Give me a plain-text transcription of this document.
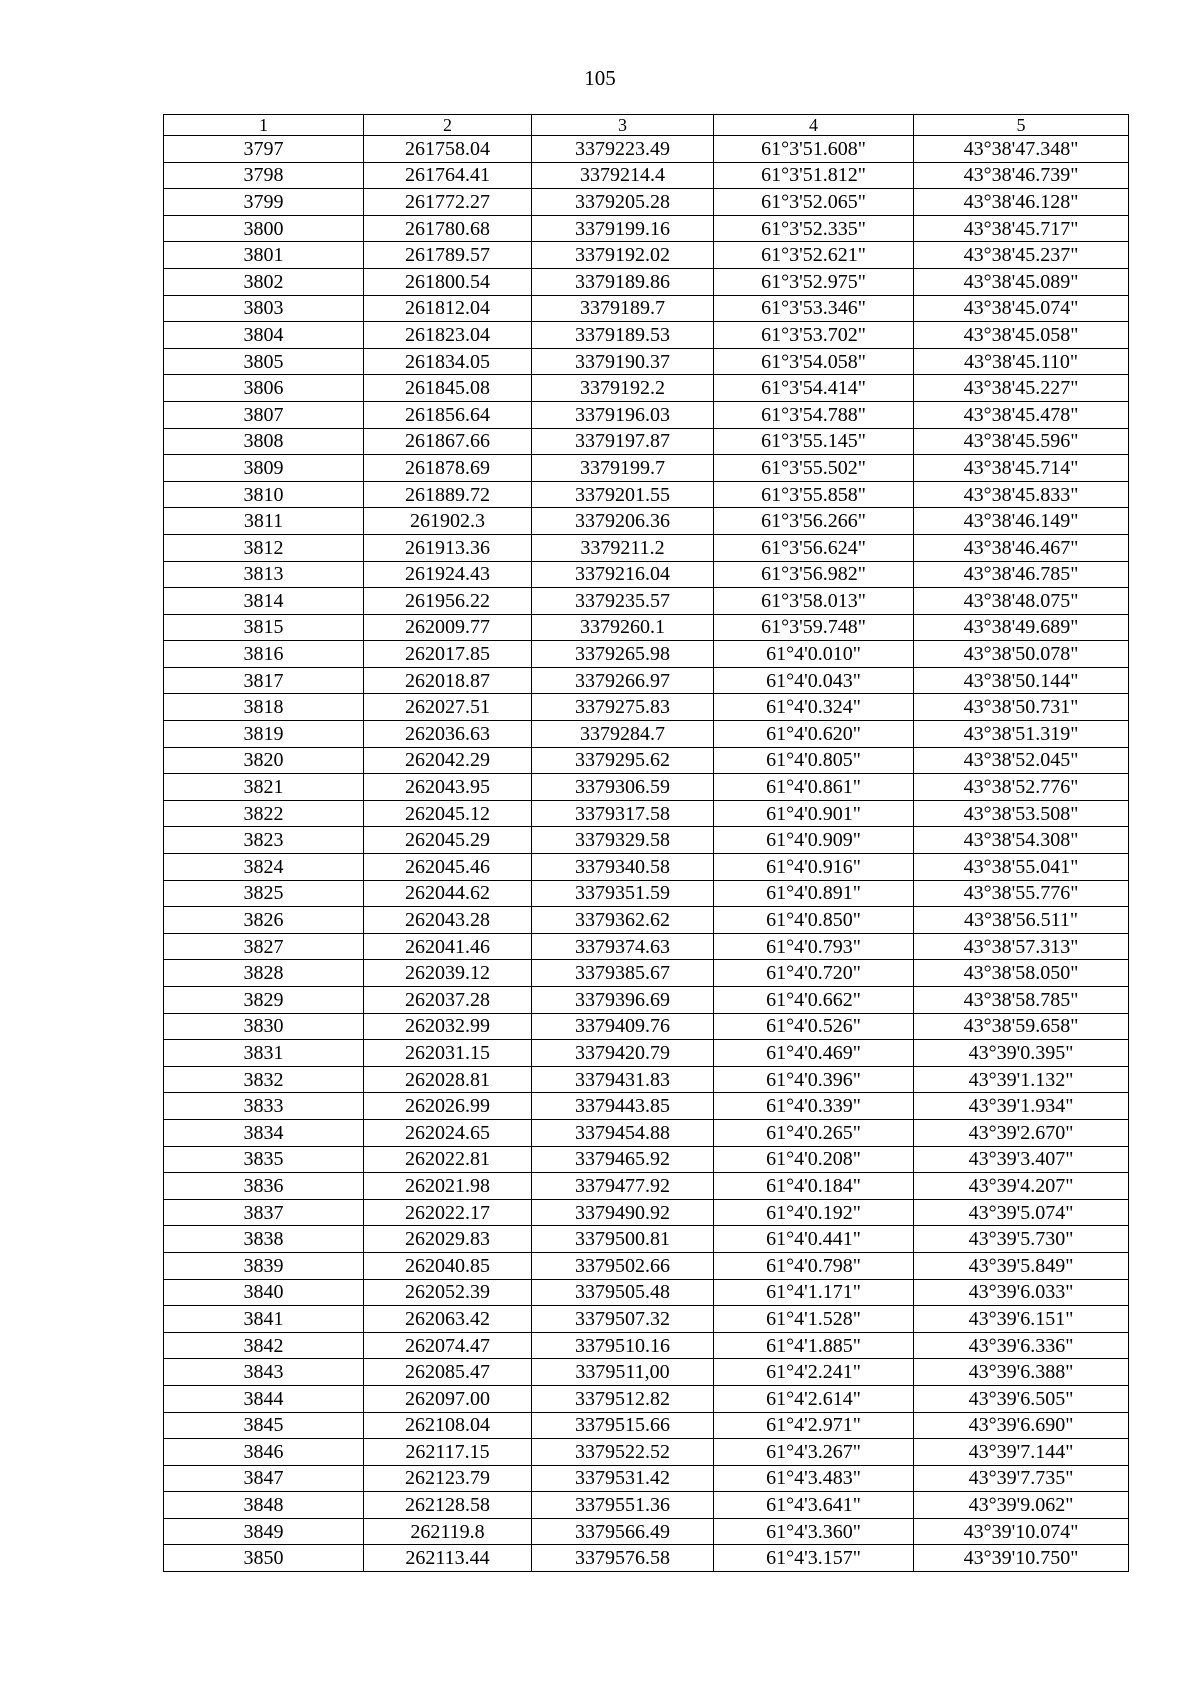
105
1	2	3	4	5
3797	261758.04	3379223.49	61°3'51.608"	43°38'47.348"
3798	261764.41	3379214.4	61°3'51.812"	43°38'46.739"
3799	261772.27	3379205.28	61°3'52.065"	43°38'46.128"
3800	261780.68	3379199.16	61°3'52.335"	43°38'45.717"
3801	261789.57	3379192.02	61°3'52.621"	43°38'45.237"
3802	261800.54	3379189.86	61°3'52.975"	43°38'45.089"
3803	261812.04	3379189.7	61°3'53.346"	43°38'45.074"
3804	261823.04	3379189.53	61°3'53.702"	43°38'45.058"
3805	261834.05	3379190.37	61°3'54.058"	43°38'45.110"
3806	261845.08	3379192.2	61°3'54.414"	43°38'45.227"
3807	261856.64	3379196.03	61°3'54.788"	43°38'45.478"
3808	261867.66	3379197.87	61°3'55.145"	43°38'45.596"
3809	261878.69	3379199.7	61°3'55.502"	43°38'45.714"
3810	261889.72	3379201.55	61°3'55.858"	43°38'45.833"
3811	261902.3	3379206.36	61°3'56.266"	43°38'46.149"
3812	261913.36	3379211.2	61°3'56.624"	43°38'46.467"
3813	261924.43	3379216.04	61°3'56.982"	43°38'46.785"
3814	261956.22	3379235.57	61°3'58.013"	43°38'48.075"
3815	262009.77	3379260.1	61°3'59.748"	43°38'49.689"
3816	262017.85	3379265.98	61°4'0.010"	43°38'50.078"
3817	262018.87	3379266.97	61°4'0.043"	43°38'50.144"
3818	262027.51	3379275.83	61°4'0.324"	43°38'50.731"
3819	262036.63	3379284.7	61°4'0.620"	43°38'51.319"
3820	262042.29	3379295.62	61°4'0.805"	43°38'52.045"
3821	262043.95	3379306.59	61°4'0.861"	43°38'52.776"
3822	262045.12	3379317.58	61°4'0.901"	43°38'53.508"
3823	262045.29	3379329.58	61°4'0.909"	43°38'54.308"
3824	262045.46	3379340.58	61°4'0.916"	43°38'55.041"
3825	262044.62	3379351.59	61°4'0.891"	43°38'55.776"
3826	262043.28	3379362.62	61°4'0.850"	43°38'56.511"
3827	262041.46	3379374.63	61°4'0.793"	43°38'57.313"
3828	262039.12	3379385.67	61°4'0.720"	43°38'58.050"
3829	262037.28	3379396.69	61°4'0.662"	43°38'58.785"
3830	262032.99	3379409.76	61°4'0.526"	43°38'59.658"
3831	262031.15	3379420.79	61°4'0.469"	43°39'0.395"
3832	262028.81	3379431.83	61°4'0.396"	43°39'1.132"
3833	262026.99	3379443.85	61°4'0.339"	43°39'1.934"
3834	262024.65	3379454.88	61°4'0.265"	43°39'2.670"
3835	262022.81	3379465.92	61°4'0.208"	43°39'3.407"
3836	262021.98	3379477.92	61°4'0.184"	43°39'4.207"
3837	262022.17	3379490.92	61°4'0.192"	43°39'5.074"
3838	262029.83	3379500.81	61°4'0.441"	43°39'5.730"
3839	262040.85	3379502.66	61°4'0.798"	43°39'5.849"
3840	262052.39	3379505.48	61°4'1.171"	43°39'6.033"
3841	262063.42	3379507.32	61°4'1.528"	43°39'6.151"
3842	262074.47	3379510.16	61°4'1.885"	43°39'6.336"
3843	262085.47	3379511,00	61°4'2.241"	43°39'6.388"
3844	262097.00	3379512.82	61°4'2.614"	43°39'6.505"
3845	262108.04	3379515.66	61°4'2.971"	43°39'6.690"
3846	262117.15	3379522.52	61°4'3.267"	43°39'7.144"
3847	262123.79	3379531.42	61°4'3.483"	43°39'7.735"
3848	262128.58	3379551.36	61°4'3.641"	43°39'9.062"
3849	262119.8	3379566.49	61°4'3.360"	43°39'10.074"
3850	262113.44	3379576.58	61°4'3.157"	43°39'10.750"
